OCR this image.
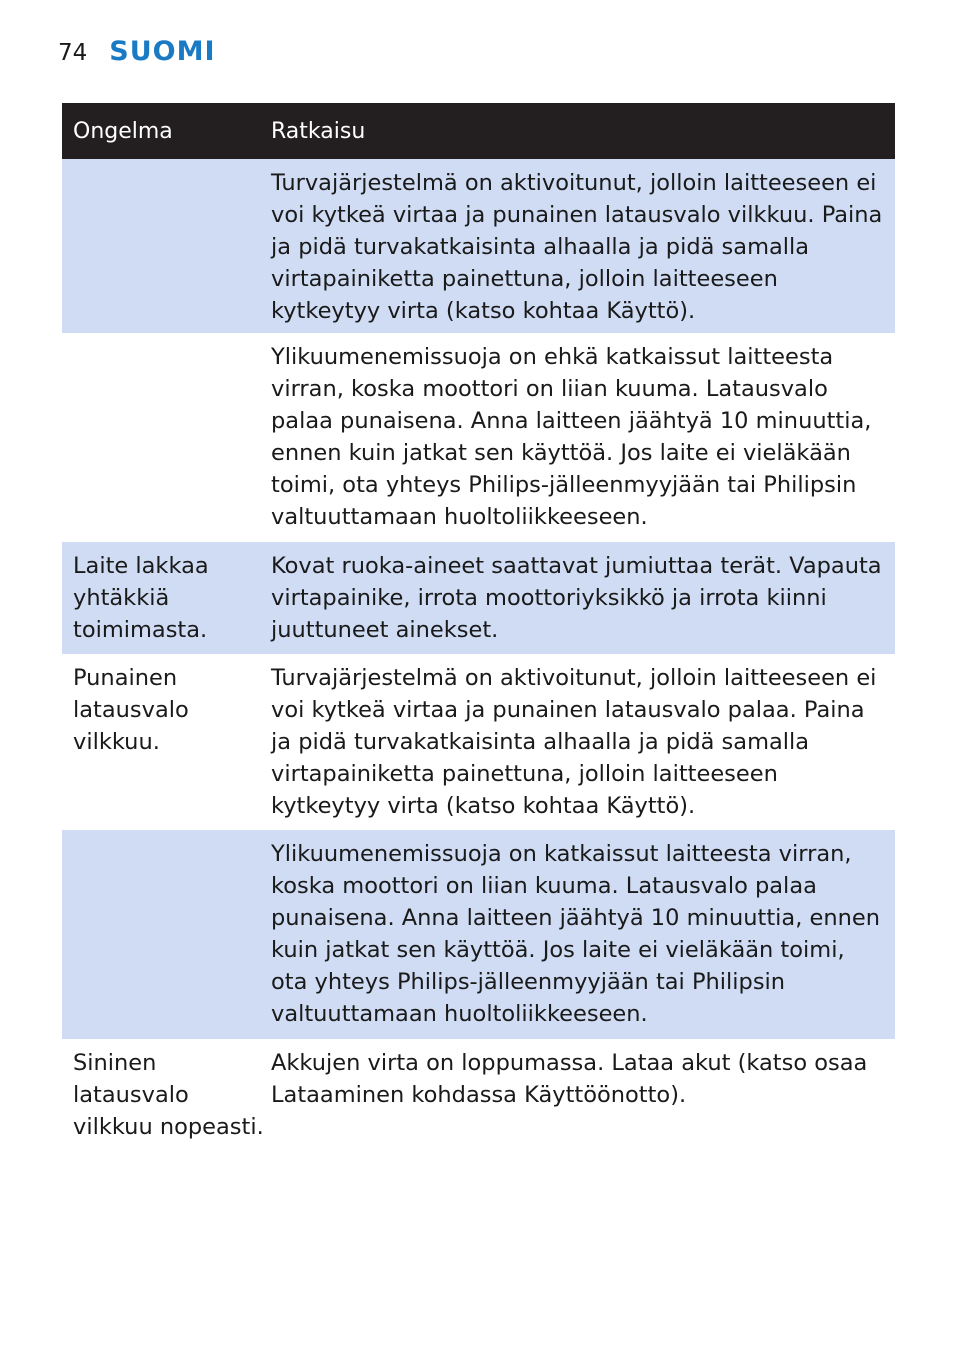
74 SUOMI
Ongelma	Ratkaisu

Turvajärjestelmä on aktivoitunut, jolloin laitteeseen ei voi kytkeä virtaa ja punainen latausvalo vilkkuu. Paina ja pidä turvakatkaisinta alhaalla ja pidä samalla virtapainiketta painettuna, jolloin laitteeseen kytkeytyy virta (katso kohtaa Käyttö).

Ylikuumenemissuoja on ehkä katkaissut laitteesta virran, koska moottori on liian kuuma. Latausvalo palaa punaisena. Anna laitteen jäähtyä 10 minuuttia, ennen kuin jatkat sen käyttöä. Jos laite ei vieläkään toimi, ota yhteys Philips-jälleenmyyjään tai Philipsin valtuuttamaan huoltoliikkeeseen.

Laite lakkaa yhtäkkiä toimimasta.

Kovat ruoka-aineet saattavat jumiuttaa terät. Vapauta virtapainike, irrota moottoriyksikkö ja irrota kiinni juuttuneet ainekset.

Punainen latausvalo vilkkuu.

Turvajärjestelmä on aktivoitunut, jolloin laitteeseen ei voi kytkeä virtaa ja punainen latausvalo palaa. Paina ja pidä turvakatkaisinta alhaalla ja pidä samalla virtapainiketta painettuna, jolloin laitteeseen kytkeytyy virta (katso kohtaa Käyttö).

Ylikuumenemissuoja on katkaissut laitteesta virran, koska moottori on liian kuuma. Latausvalo palaa punaisena. Anna laitteen jäähtyä 10 minuuttia, ennen kuin jatkat sen käyttöä. Jos laite ei vieläkään toimi, ota yhteys Philips-jälleenmyyjään tai Philipsin valtuuttamaan huoltoliikkeeseen.

Sininen latausvalo vilkkuu nopeasti.

Akkujen virta on loppumassa. Lataa akut (katso osaa Lataaminen kohdassa Käyttöönotto).
